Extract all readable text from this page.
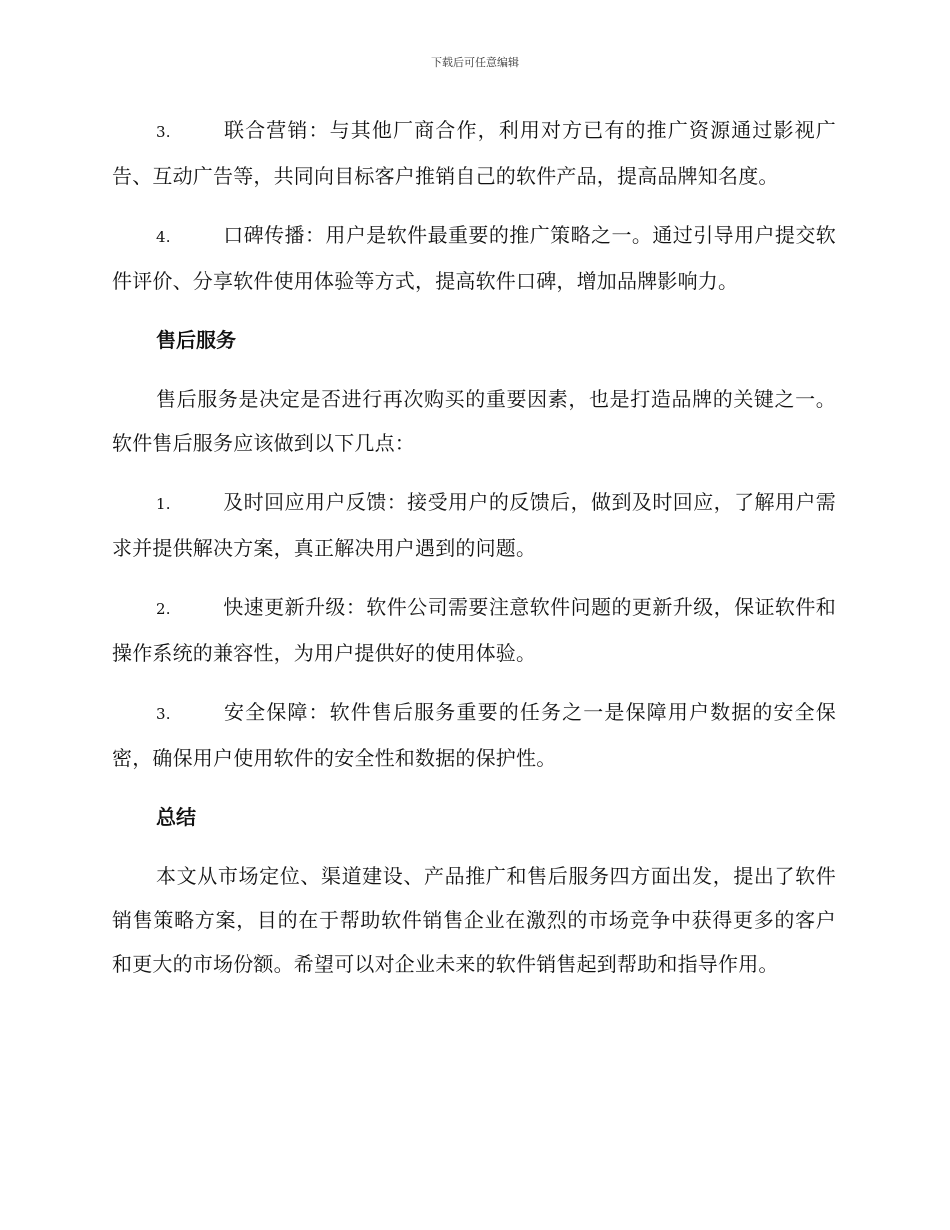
下载后可任意编辑

3.	联合营销：与其他厂商合作，利用对方已有的推广资源通过影视广告、互动广告等，共同向目标客户推销自己的软件产品，提高品牌知名度。

4.	口碑传播：用户是软件最重要的推广策略之一。通过引导用户提交软件评价、分享软件使用体验等方式，提高软件口碑，增加品牌影响力。

售后服务

售后服务是决定是否进行再次购买的重要因素，也是打造品牌的关键之一。软件售后服务应该做到以下几点：

1.	及时回应用户反馈：接受用户的反馈后，做到及时回应，了解用户需求并提供解决方案，真正解决用户遇到的问题。

2.	快速更新升级：软件公司需要注意软件问题的更新升级，保证软件和操作系统的兼容性，为用户提供好的使用体验。

3.	安全保障：软件售后服务重要的任务之一是保障用户数据的安全保密，确保用户使用软件的安全性和数据的保护性。

总结

本文从市场定位、渠道建设、产品推广和售后服务四方面出发，提出了软件销售策略方案，目的在于帮助软件销售企业在激烈的市场竞争中获得更多的客户和更大的市场份额。希望可以对企业未来的软件销售起到帮助和指导作用。
